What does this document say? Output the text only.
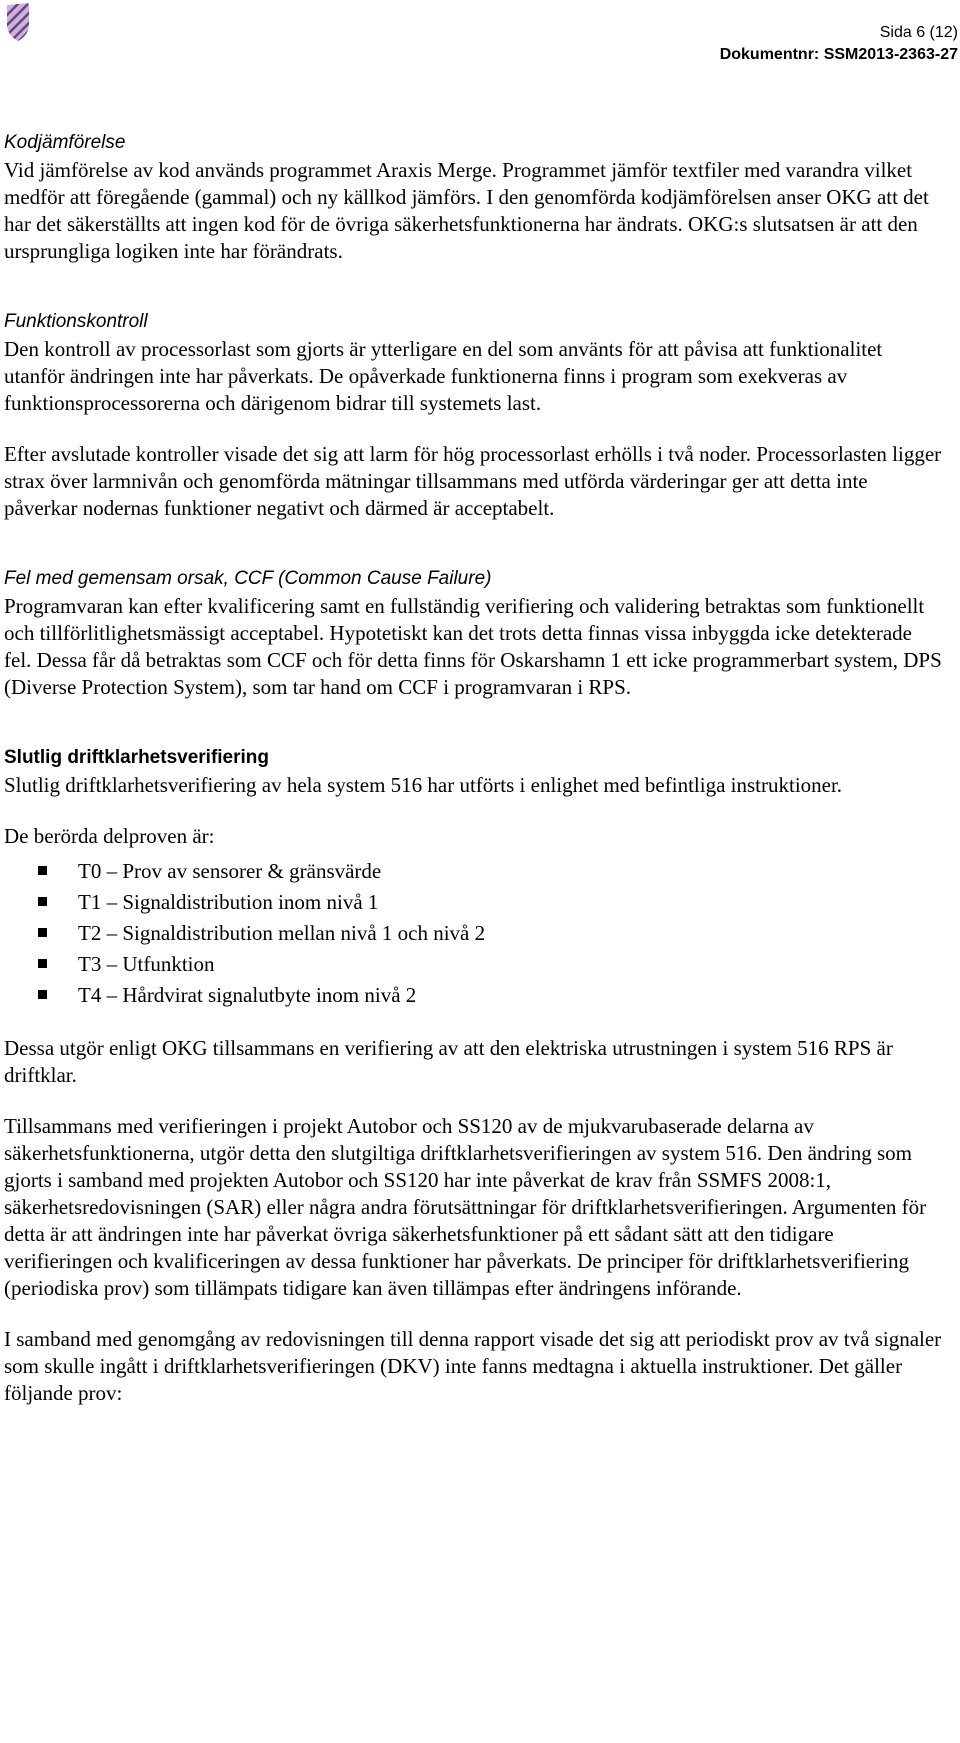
Sida 6 (12)
Dokumentnr: SSM2013-2363-27
Kodjämförelse

Vid jämförelse av kod används programmet Araxis Merge. Programmet jämför textfiler med varandra vilket medför att föregående (gammal) och ny källkod jämförs. I den genomförda kodjämförelsen anser OKG att det har det säkerställts att ingen kod för de övriga säkerhetsfunktionerna har ändrats. OKG:s slutsatsen är att den ursprungliga logiken inte har förändrats.

Funktionskontroll

Den kontroll av processorlast som gjorts är ytterligare en del som använts för att påvisa att funktionalitet utanför ändringen inte har påverkats. De opåverkade funktionerna finns i program som exekveras av funktionsprocessorerna och därigenom bidrar till systemets last.

Efter avslutade kontroller visade det sig att larm för hög processorlast erhölls i två noder. Processorlasten ligger strax över larmnivån och genomförda mätningar tillsammans med utförda värderingar ger att detta inte påverkar nodernas funktioner negativt och därmed är acceptabelt.

Fel med gemensam orsak, CCF (Common Cause Failure)

Programvaran kan efter kvalificering samt en fullständig verifiering och validering betraktas som funktionellt och tillförlitlighetsmässigt acceptabel. Hypotetiskt kan det trots detta finnas vissa inbyggda icke detekterade fel. Dessa får då betraktas som CCF och för detta finns för Oskarshamn 1 ett icke programmerbart system, DPS (Diverse Protection System), som tar hand om CCF i programvaran i RPS.

Slutlig driftklarhetsverifiering

Slutlig driftklarhetsverifiering av hela system 516 har utförts i enlighet med befintliga instruktioner.

De berörda delproven är:

T0 – Prov av sensorer & gränsvärde
T1 – Signaldistribution inom nivå 1
T2 – Signaldistribution mellan nivå 1 och nivå 2
T3 – Utfunktion
T4 – Hårdvirat signalutbyte inom nivå 2

Dessa utgör enligt OKG tillsammans en verifiering av att den elektriska utrustningen i system 516 RPS är driftklar.

Tillsammans med verifieringen i projekt Autobor och SS120 av de mjukvarubaserade delarna av säkerhetsfunktionerna, utgör detta den slutgiltiga driftklarhetsverifieringen av system 516. Den ändring som gjorts i samband med projekten Autobor och SS120 har inte påverkat de krav från SSMFS 2008:1, säkerhetsredovisningen (SAR) eller några andra förutsättningar för driftklarhetsverifieringen. Argumenten för detta är att ändringen inte har påverkat övriga säkerhetsfunktioner på ett sådant sätt att den tidigare verifieringen och kvalificeringen av dessa funktioner har påverkats. De principer för driftklarhetsverifiering (periodiska prov) som tillämpats tidigare kan även tillämpas efter ändringens införande.

I samband med genomgång av redovisningen till denna rapport visade det sig att periodiskt prov av två signaler som skulle ingått i driftklarhetsverifieringen (DKV) inte fanns medtagna i aktuella instruktioner. Det gäller följande prov:
